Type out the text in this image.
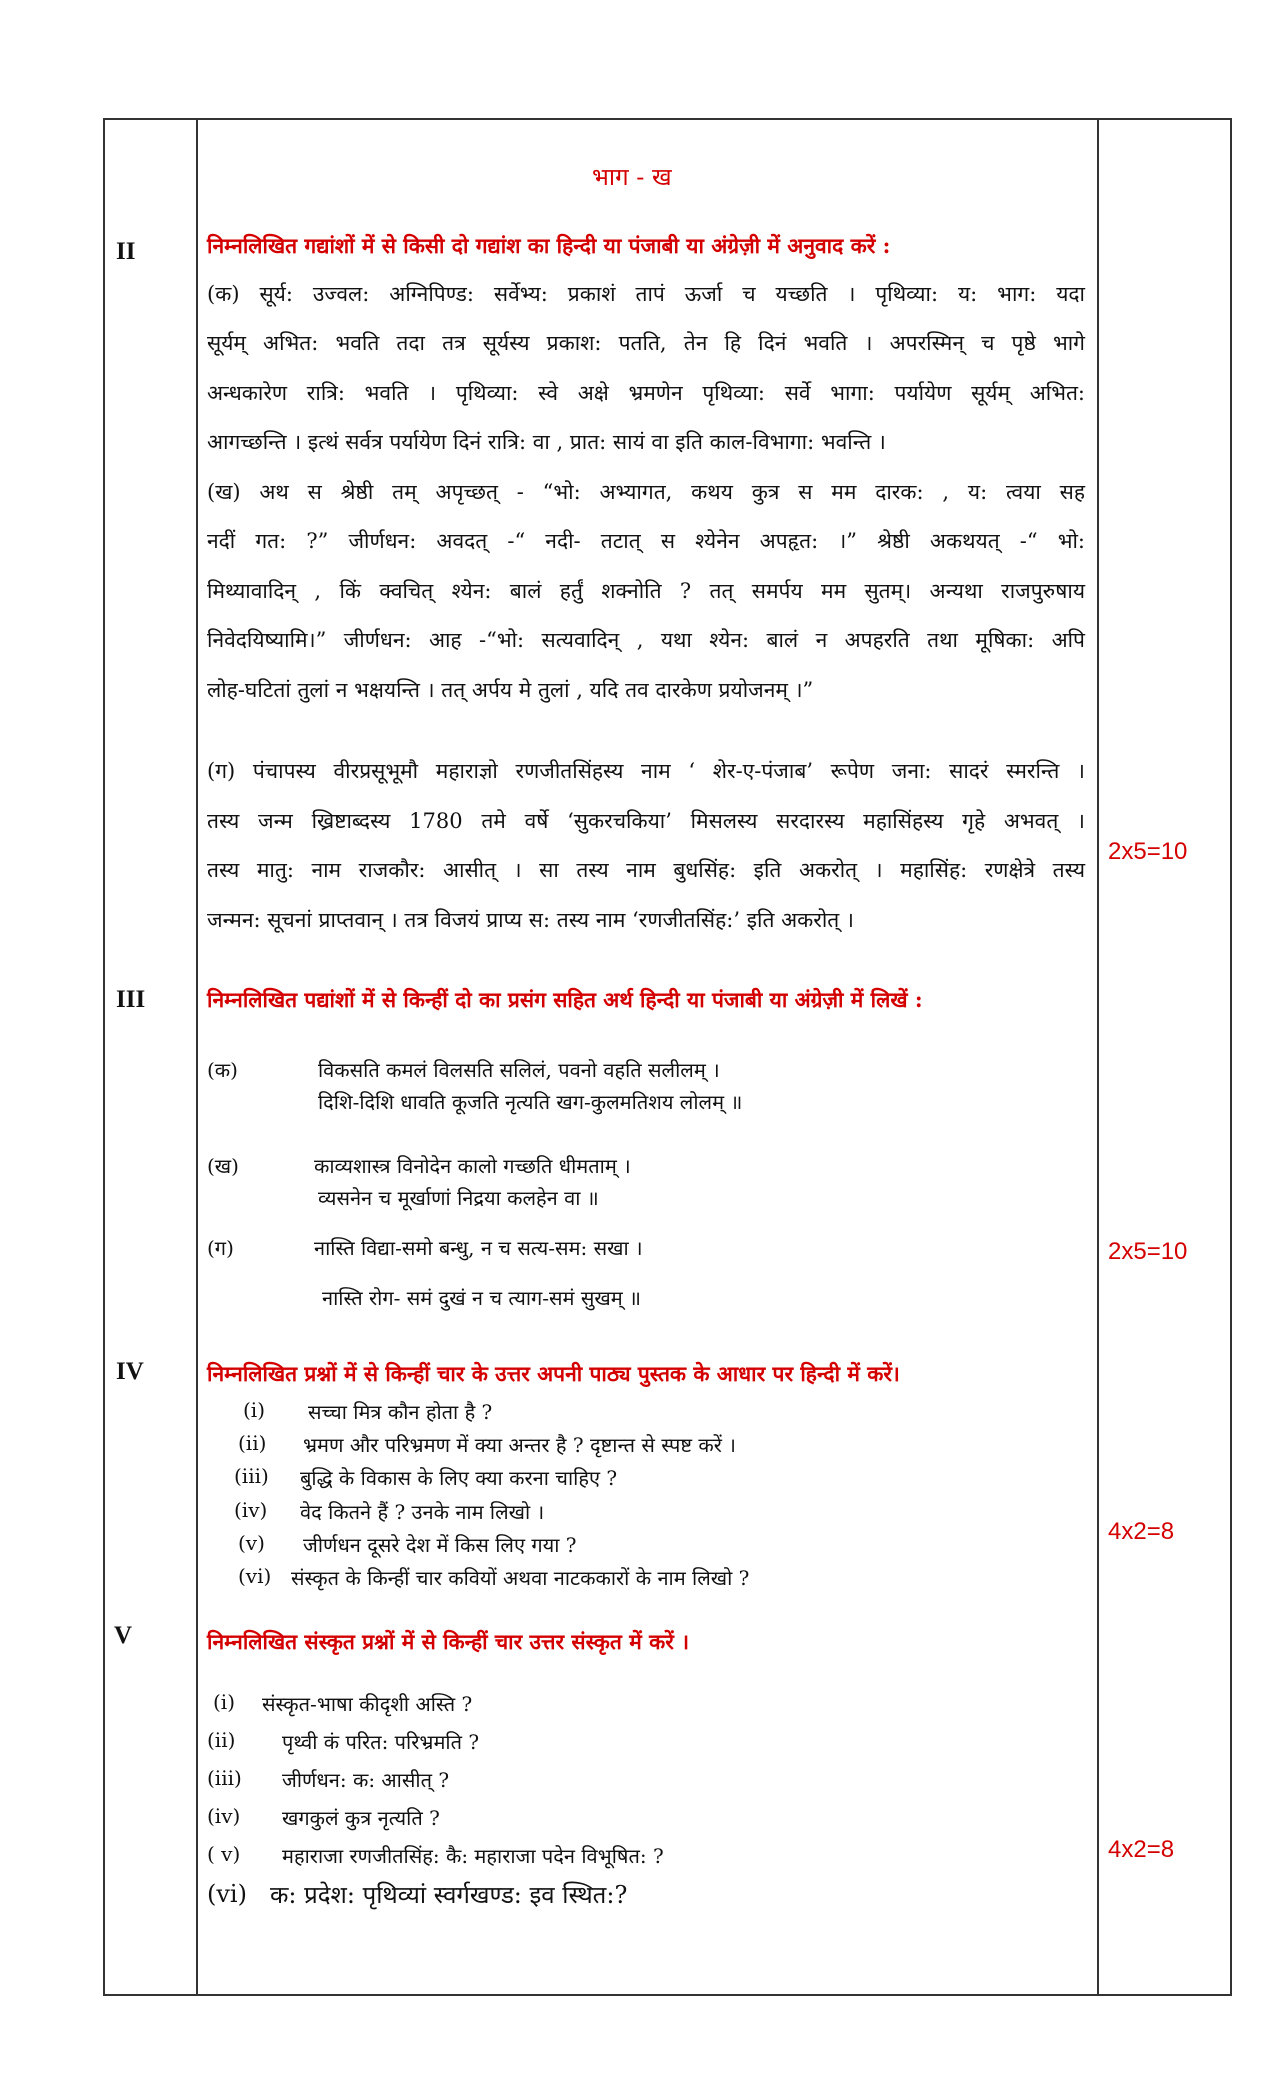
भाग - ख
II	निम्नलिखित गद्यांशों में से किसी दो गद्यांश का हिन्दी या पंजाबी या अंग्रेज़ी में अनुवाद करें :
(क) सूर्य: उज्वल: अग्निपिण्ड: सर्वेभ्य: प्रकाशं तापं ऊर्जा च यच्छति । पृथिव्या: य: भाग: यदा
सूर्यम् अभित: भवति तदा तत्र सूर्यस्य प्रकाश: पतति, तेन हि दिनं भवति । अपरस्मिन् च पृष्ठे भागे
अन्धकारेण रात्रि: भवति । पृथिव्या: स्वे अक्षे भ्रमणेन पृथिव्या: सर्वे भागा: पर्यायेण सूर्यम् अभित:
आगच्छन्ति । इत्थं सर्वत्र पर्यायेण दिनं रात्रि: वा , प्रात: सायं वा इति काल-विभागा: भवन्ति ।
(ख) अथ स श्रेष्ठी तम् अपृच्छत् - “भो: अभ्यागत, कथय कुत्र स मम दारक: , य: त्वया सह
नदीं गत: ?” जीर्णधन: अवदत् -“ नदी- तटात् स श्येनेन अपहृत: ।” श्रेष्ठी अकथयत् -“ भो:
मिथ्यावादिन् , किं क्वचित् श्येन: बालं हर्तुं शक्नोति ? तत् समर्पय मम सुतम्। अन्यथा राजपुरुषाय
निवेदयिष्यामि।” जीर्णधन: आह -“भो: सत्यवादिन् , यथा श्येन: बालं न अपहरति तथा मूषिका: अपि
लोह-घटितां तुलां न भक्षयन्ति । तत् अर्पय मे तुलां , यदि तव दारकेण प्रयोजनम् ।”
(ग) पंचापस्य वीरप्रसूभूमौ महाराज्ञो रणजीतसिंहस्य नाम ‘ शेर-ए-पंजाब’ रूपेण जना: सादरं स्मरन्ति ।
तस्य जन्म ख्रिष्टाब्दस्य 1780 तमे वर्षे ‘सुकरचकिया’ मिसलस्य सरदारस्य महासिंहस्य गृहे अभवत् ।
तस्य मातु: नाम राजकौर: आसीत् । सा तस्य नाम बुधसिंह: इति अकरोत् । महासिंह: रणक्षेत्रे तस्य
जन्मन: सूचनां प्राप्तवान् । तत्र विजयं प्राप्य स: तस्य नाम ‘रणजीतसिंह:’ इति अकरोत् ।
2x5=10
III	निम्नलिखित पद्यांशों में से किन्हीं दो का प्रसंग सहित अर्थ हिन्दी या पंजाबी या अंग्रेज़ी में लिखें :
(क)	विकसति कमलं विलसति सलिलं, पवनो वहति सलीलम् ।
दिशि-दिशि धावति कूजति नृत्यति खग-कुलमतिशय लोलम् ॥
(ख)	काव्यशास्त्र विनोदेन कालो गच्छति धीमताम् ।
व्यसनेन च मूर्खाणां निद्रया कलहेन वा ॥
(ग)	नास्ति विद्या-समो बन्धु, न च सत्य-सम: सखा ।
नास्ति रोग- समं दुखं न च त्याग-समं सुखम् ॥
2x5=10
IV	निम्नलिखित प्रश्नों में से किन्हीं चार के उत्तर अपनी पाठ्य पुस्तक के आधार पर हिन्दी में करें।
(i) सच्चा मित्र कौन होता है ?
(ii) भ्रमण और परिभ्रमण में क्या अन्तर है ? दृष्टान्त से स्पष्ट करें ।
(iii) बुद्धि के विकास के लिए क्या करना चाहिए ?
(iv) वेद कितने हैं ? उनके नाम लिखो ।
(v) जीर्णधन दूसरे देश में किस लिए गया ?
(vi) संस्कृत के किन्हीं चार कवियों अथवा नाटककारों के नाम लिखो ?
4x2=8
V	निम्नलिखित संस्कृत प्रश्नों में से किन्हीं चार उत्तर संस्कृत में करें ।
(i) संस्कृत-भाषा कीदृशी अस्ति ?
(ii) पृथ्वी कं परित: परिभ्रमति ?
(iii) जीर्णधन: क: आसीत् ?
(iv) खगकुलं कुत्र नृत्यति ?
( v) महाराजा रणजीतसिंह: कै: महाराजा पदेन विभूषित: ?
(vi) क: प्रदेश: पृथिव्यां स्वर्गखण्ड: इव स्थित:?
4x2=8
